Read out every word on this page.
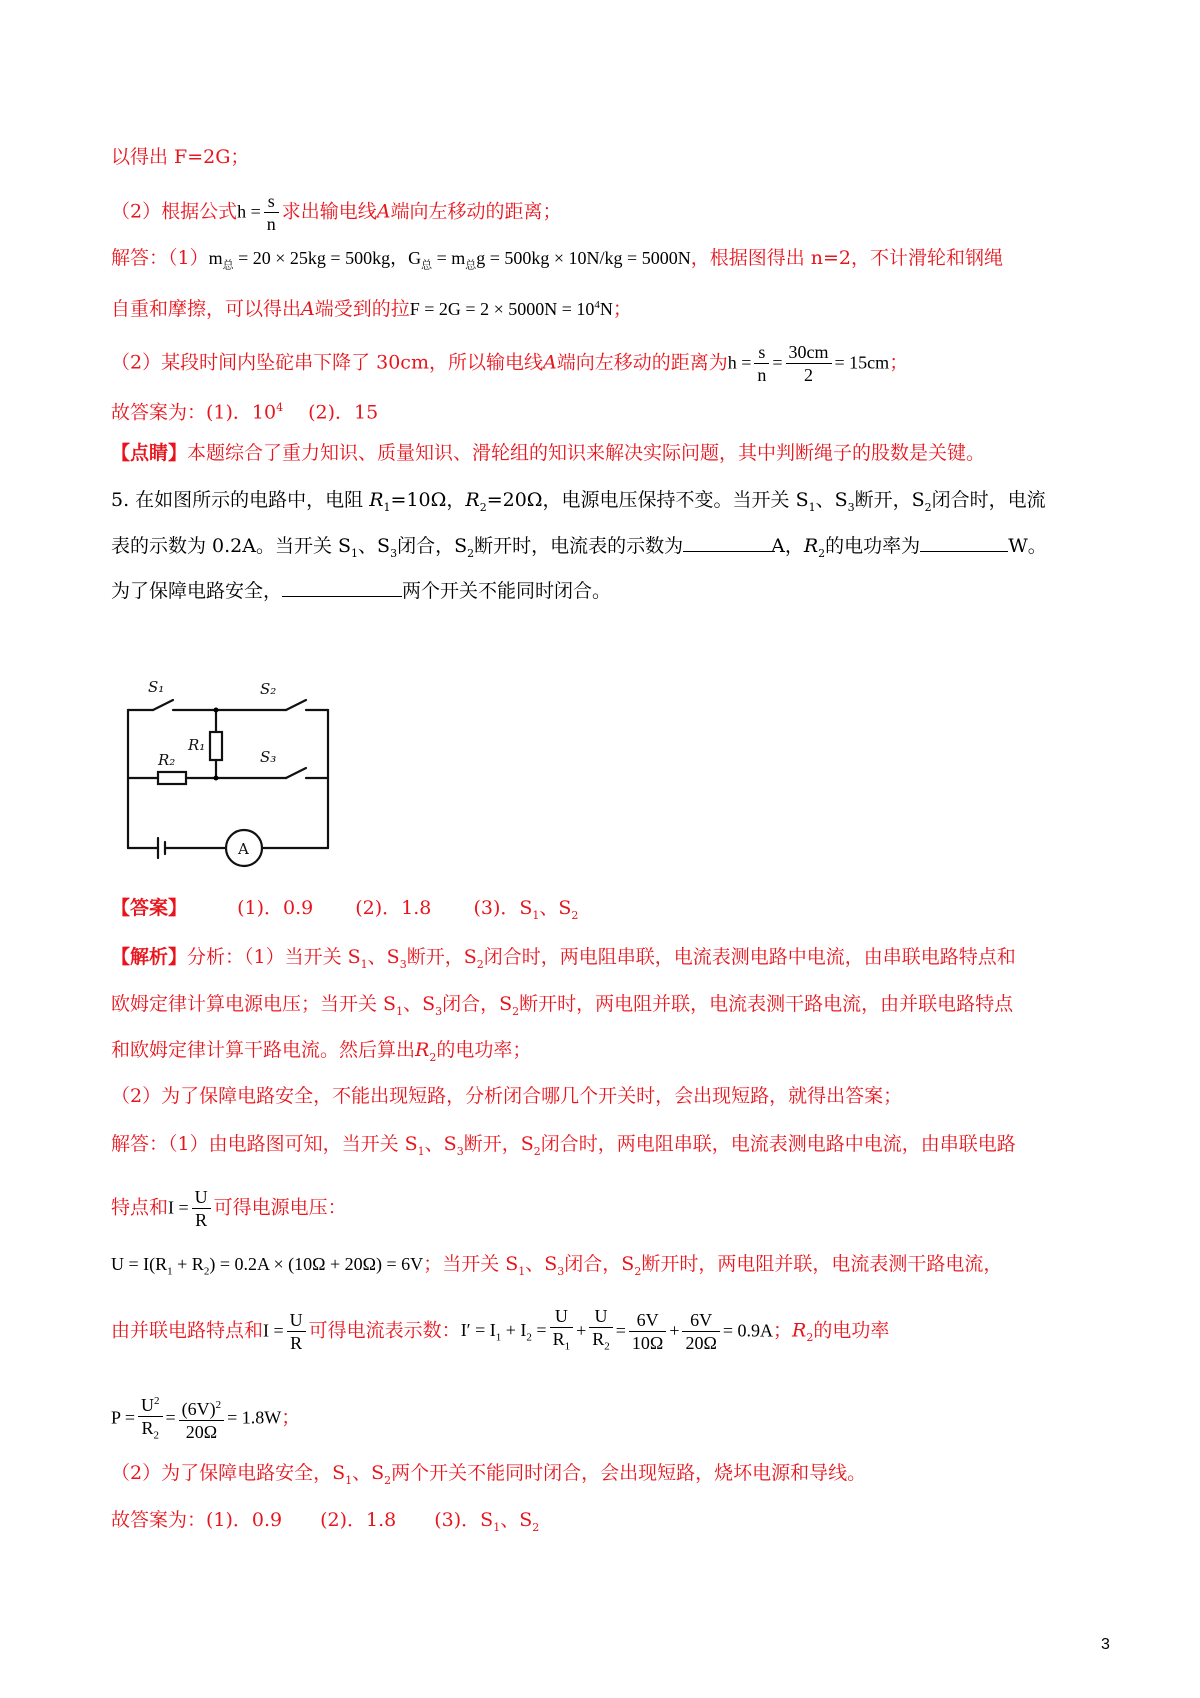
以得出 F=2G；
（2）根据公式$h = \frac{s}{n}$ 求出输电线A端向左移动的距离；
解答：$(1)m_总 = 20 \times 25kg = 500kg$，$G_总 = m_总g = 500kg \times 10N/kg = 5000N$，根据图得出 n=2，不计滑轮和钢绳
自重和摩擦，可以得出A端受到的拉$F = 2G = 2 \times 5000N = 10^4N$；
（2）某段时间内坠砣串下降了 30cm，所以输电线A端向左移动的距离为$h = \frac{s}{n} = \frac{30cm}{2} = 15cm$；
故答案为：(1)．$10^4$　 (2)．15
【点睛】本题综合了重力知识、质量知识、滑轮组的知识来解决实际问题，其中判断绳子的股数是关键。
5. 在如图所示的电路中，电阻 $R_1=10\Omega$，$R_2=20\Omega$，电源电压保持不变。当开关 $S_1$、$S_3$断开，$S_2$闭合时，电流
表的示数为 0.2A。当开关 $S_1$、$S_3$闭合，$S_2$断开时，电流表的示数为	A，$R_2$的电功率为	W。
为了保障电路安全，	两个开关不能同时闭合。
S₁	S₂
S₃
R₁
R₂
A
【答案】	(1)．0.9 (2)．1.8 (3)．$S_1$、$S_2$
【解析】分析：（1）当开关 $S_1$、$S_3$断开，$S_2$闭合时，两电阻串联，电流表测电路中电流，由串联电路特点和
欧姆定律计算电源电压；当开关 $S_1$、$S_3$闭合，$S_2$断开时，两电阻并联，电流表测干路电流，由并联电路特点
和欧姆定律计算干路电流。然后算出$R_2$的电功率；
（2）为了保障电路安全，不能出现短路，分析闭合哪几个开关时，会出现短路，就得出答案；
解答：（1）由电路图可知，当开关 $S_1$、$S_3$断开，$S_2$闭合时，两电阻串联，电流表测电路中电流，由串联电路
特点和$I = \frac{U}{R}$ 可得电源电压：
$U = I(R_1 + R_2) = 0.2A \times (10\Omega + 20\Omega) = 6V$；当开关 $S_1$、$S_3$闭合，$S_2$断开时，两电阻并联，电流表测干路电流，
由并联电路特点和$I = \frac{U}{R}$ 可得电流表示数：$I' = I_1 + I_2 = \frac{U}{R_1} + \frac{U}{R_2} = \frac{6V}{10\Omega} + \frac{6V}{20\Omega} = 0.9A$；$R_2$的电功率
$P = \frac{U^2}{R_2} = \frac{(6V)^2}{20\Omega} = 1.8W$；
（2）为了保障电路安全，$S_1$、$S_2$两个开关不能同时闭合，会出现短路，烧坏电源和导线。
故答案为：(1)．0.9　　(2)．1.8　　(3)．$S_1$、$S_2$
3
